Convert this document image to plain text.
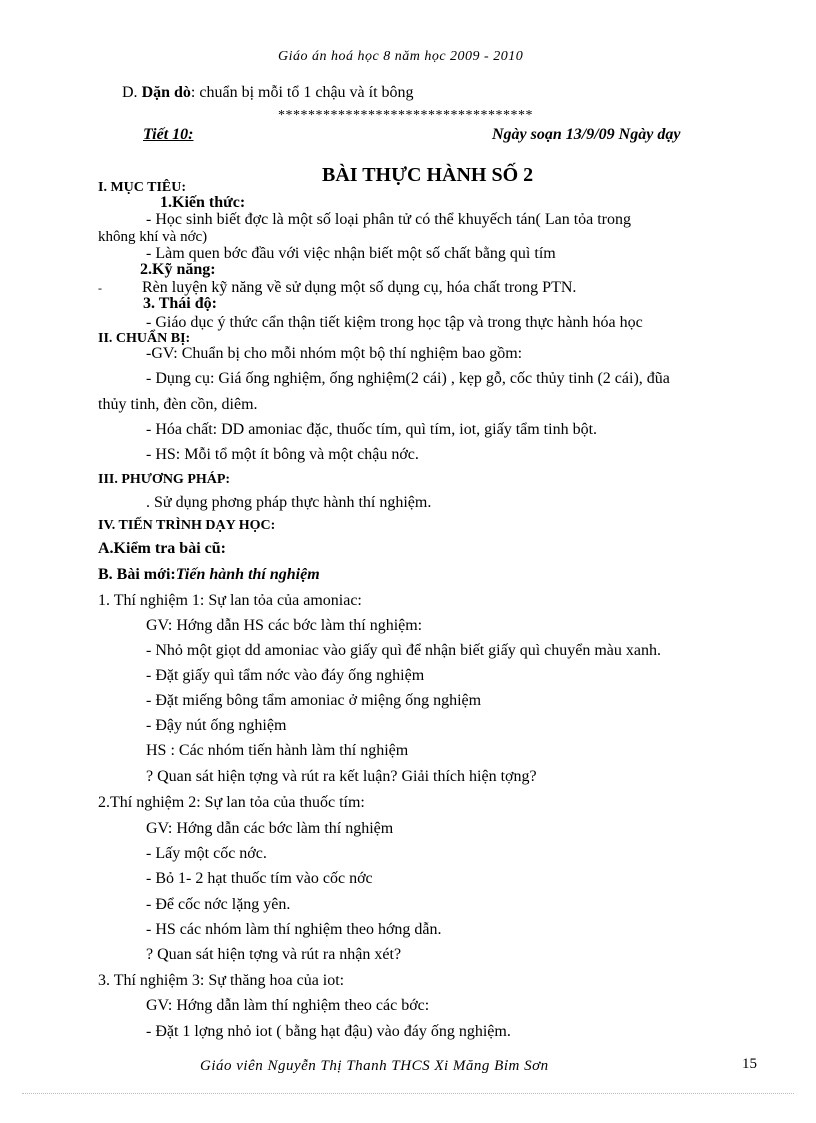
Giáo án hoá học 8 năm học 2009 - 2010
D. Dặn dò: chuẩn bị mỗi tổ 1 chậu và ít bông
**********************************
Tiết 10:	Ngày soạn 13/9/09 Ngày dạy
BÀI THỰC HÀNH SỐ 2
I. MỤC TIÊU:
1.Kiến thức:
- Học sinh biết đợc là một số loại phân tử có thể khuyếch tán( Lan tỏa trong
không khí và nớc)
- Làm quen bớc đầu với việc nhận biết một số chất bằng quì tím
2.Kỹ năng:
-	Rèn luyện kỹ năng về sử dụng một số dụng cụ, hóa chất trong PTN.
3. Thái độ:
- Giáo dục ý thức cẩn thận tiết kiệm trong học tập và trong thực hành hóa học
II. CHUẨN BỊ:
-GV: Chuẩn bị cho mỗi nhóm một bộ thí nghiệm bao gồm:
- Dụng cụ: Giá ống nghiệm, ống nghiệm(2 cái) , kẹp gỗ, cốc thủy tinh (2 cái), đũa
thủy tinh, đèn cồn, diêm.
- Hóa chất: DD amoniac đặc, thuốc tím, quì tím, iot, giấy tẩm tinh bột.
- HS: Mỗi tổ một ít bông và một chậu nớc.
III. PHƯƠNG PHÁP:
. Sử dụng phơng pháp thực hành thí nghiệm.
IV. TIẾN TRÌNH DẠY HỌC:
A.Kiểm tra bài cũ:
B. Bài mới:Tiến hành thí nghiệm
1. Thí nghiệm 1: Sự lan tỏa của amoniac:
GV: Hớng dẫn HS các bớc làm thí nghiệm:
- Nhỏ một giọt dd amoniac vào giấy quì để nhận biết giấy quì chuyển màu xanh.
- Đặt giấy quì tẩm nớc vào đáy ống nghiệm
- Đặt miếng bông tẩm amoniac ở miệng ống nghiệm
- Đậy nút ống nghiệm
HS : Các nhóm tiến hành làm thí nghiệm
? Quan sát hiện tợng và rút ra kết luận? Giải thích hiện tợng?
2.Thí nghiệm 2: Sự lan tỏa của thuốc tím:
GV: Hớng dẫn các bớc làm thí nghiệm
- Lấy một cốc nớc.
- Bỏ 1- 2 hạt thuốc tím vào cốc nớc
- Để cốc nớc lặng yên.
- HS các nhóm làm thí nghiệm theo hớng dẫn.
? Quan sát hiện tợng và rút ra nhận xét?
3. Thí nghiệm 3: Sự thăng hoa của iot:
GV: Hớng dẫn làm thí nghiệm theo các bớc:
- Đặt 1 lợng nhỏ iot ( bằng hạt đậu) vào đáy ống nghiệm.
Giáo viên Nguyễn Thị Thanh THCS Xi Măng Bỉm Sơn	15
